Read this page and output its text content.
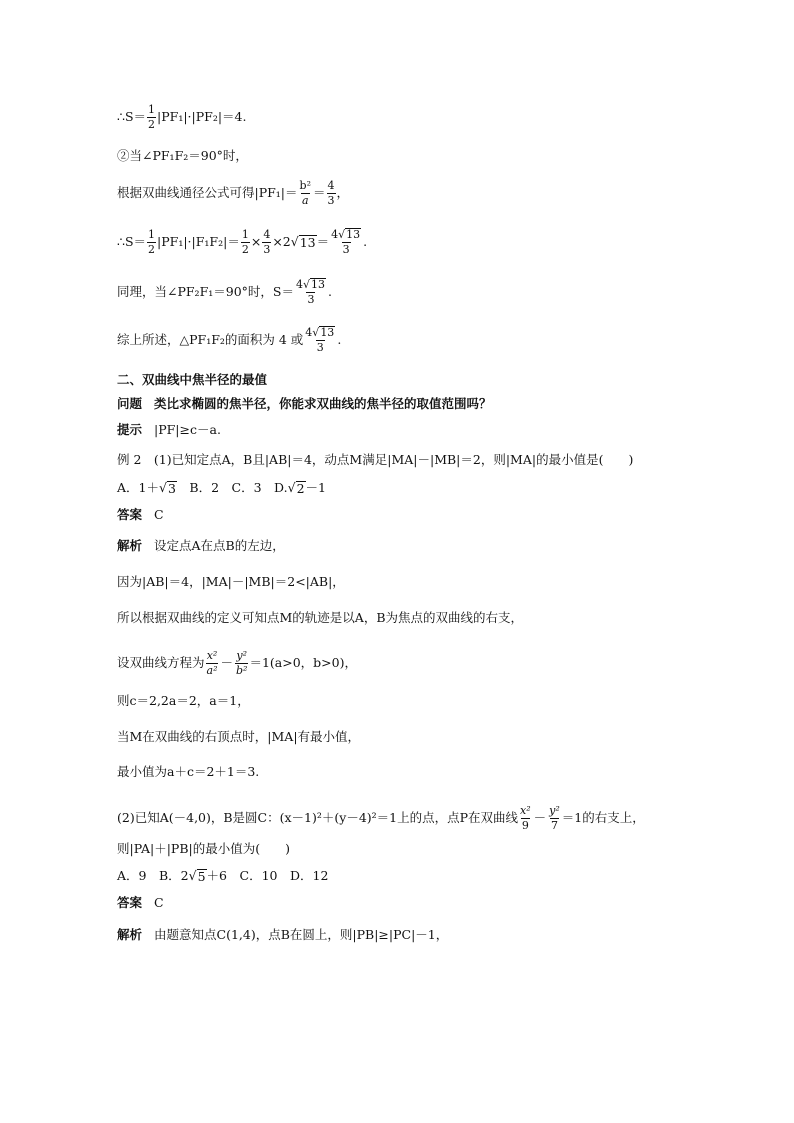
∴S＝ $\frac{1}{2} |PF_1|\cdot|PF_2|=4$.
②当∠PF₁F₂＝90°时，
根据双曲线通径公式可得$|PF_1|= \frac{\text{b²}}{a} = \frac{4}{3}$ ，
∴S＝ $\frac{1}{2} |PF_1|\cdot|F_1F_2|= \frac{1}{2} \times \frac{4}{3} \times 2$ √ $13 = \frac{4√13}{3}$ .
同理，当∠PF₂F₁＝90°时，$S= \frac{4√13}{3}$ .
综上所述，△PF₁F₂的面积为 4 或 $\frac{4√13}{3}$ .
二、双曲线中焦半径的最值
问题 类比求椭圆的焦半径，你能求双曲线的焦半径的取值范围吗？
提示 |PF|≥c－a.
例 2　(1)已知定点A，B且|AB|＝4，动点M满足|MA|－|MB|＝2，则|MA|的最小值是(　　)
A．1＋ √ 3 　B．2　C．3　D. √ 2 －1
答案 C
解析 设定点A在点B的左边，
因为|AB|＝4，|MA|－|MB|＝2<|AB|，
所以根据双曲线的定义可知点M的轨迹是以A，B为焦点的双曲线的右支，
设双曲线方程为 $\frac{\text{x²}}{\text{a²}} - \frac{\text{y²}}{\text{b²}} =1(a>0$，b>0)，
则c＝2,2a＝2，a＝1，
当M在双曲线的右顶点时，|MA|有最小值，
最小值为a＋c＝2＋1＝3.
(2)已知A(－4,0)，B是圆C：(x－1)²＋(y－4)²＝1上的点，点P在双曲线 $\frac{\text{x²}}{9} - \frac{\text{y²}}{7} =1$的右支上，
则|PA|＋|PB|的最小值为(　　)
A．9　B．2 √ 5 ＋6　C．10　D．12
答案 C
解析 由题意知点C(1,4)，点B在圆上，则|PB|≥|PC|－1，
